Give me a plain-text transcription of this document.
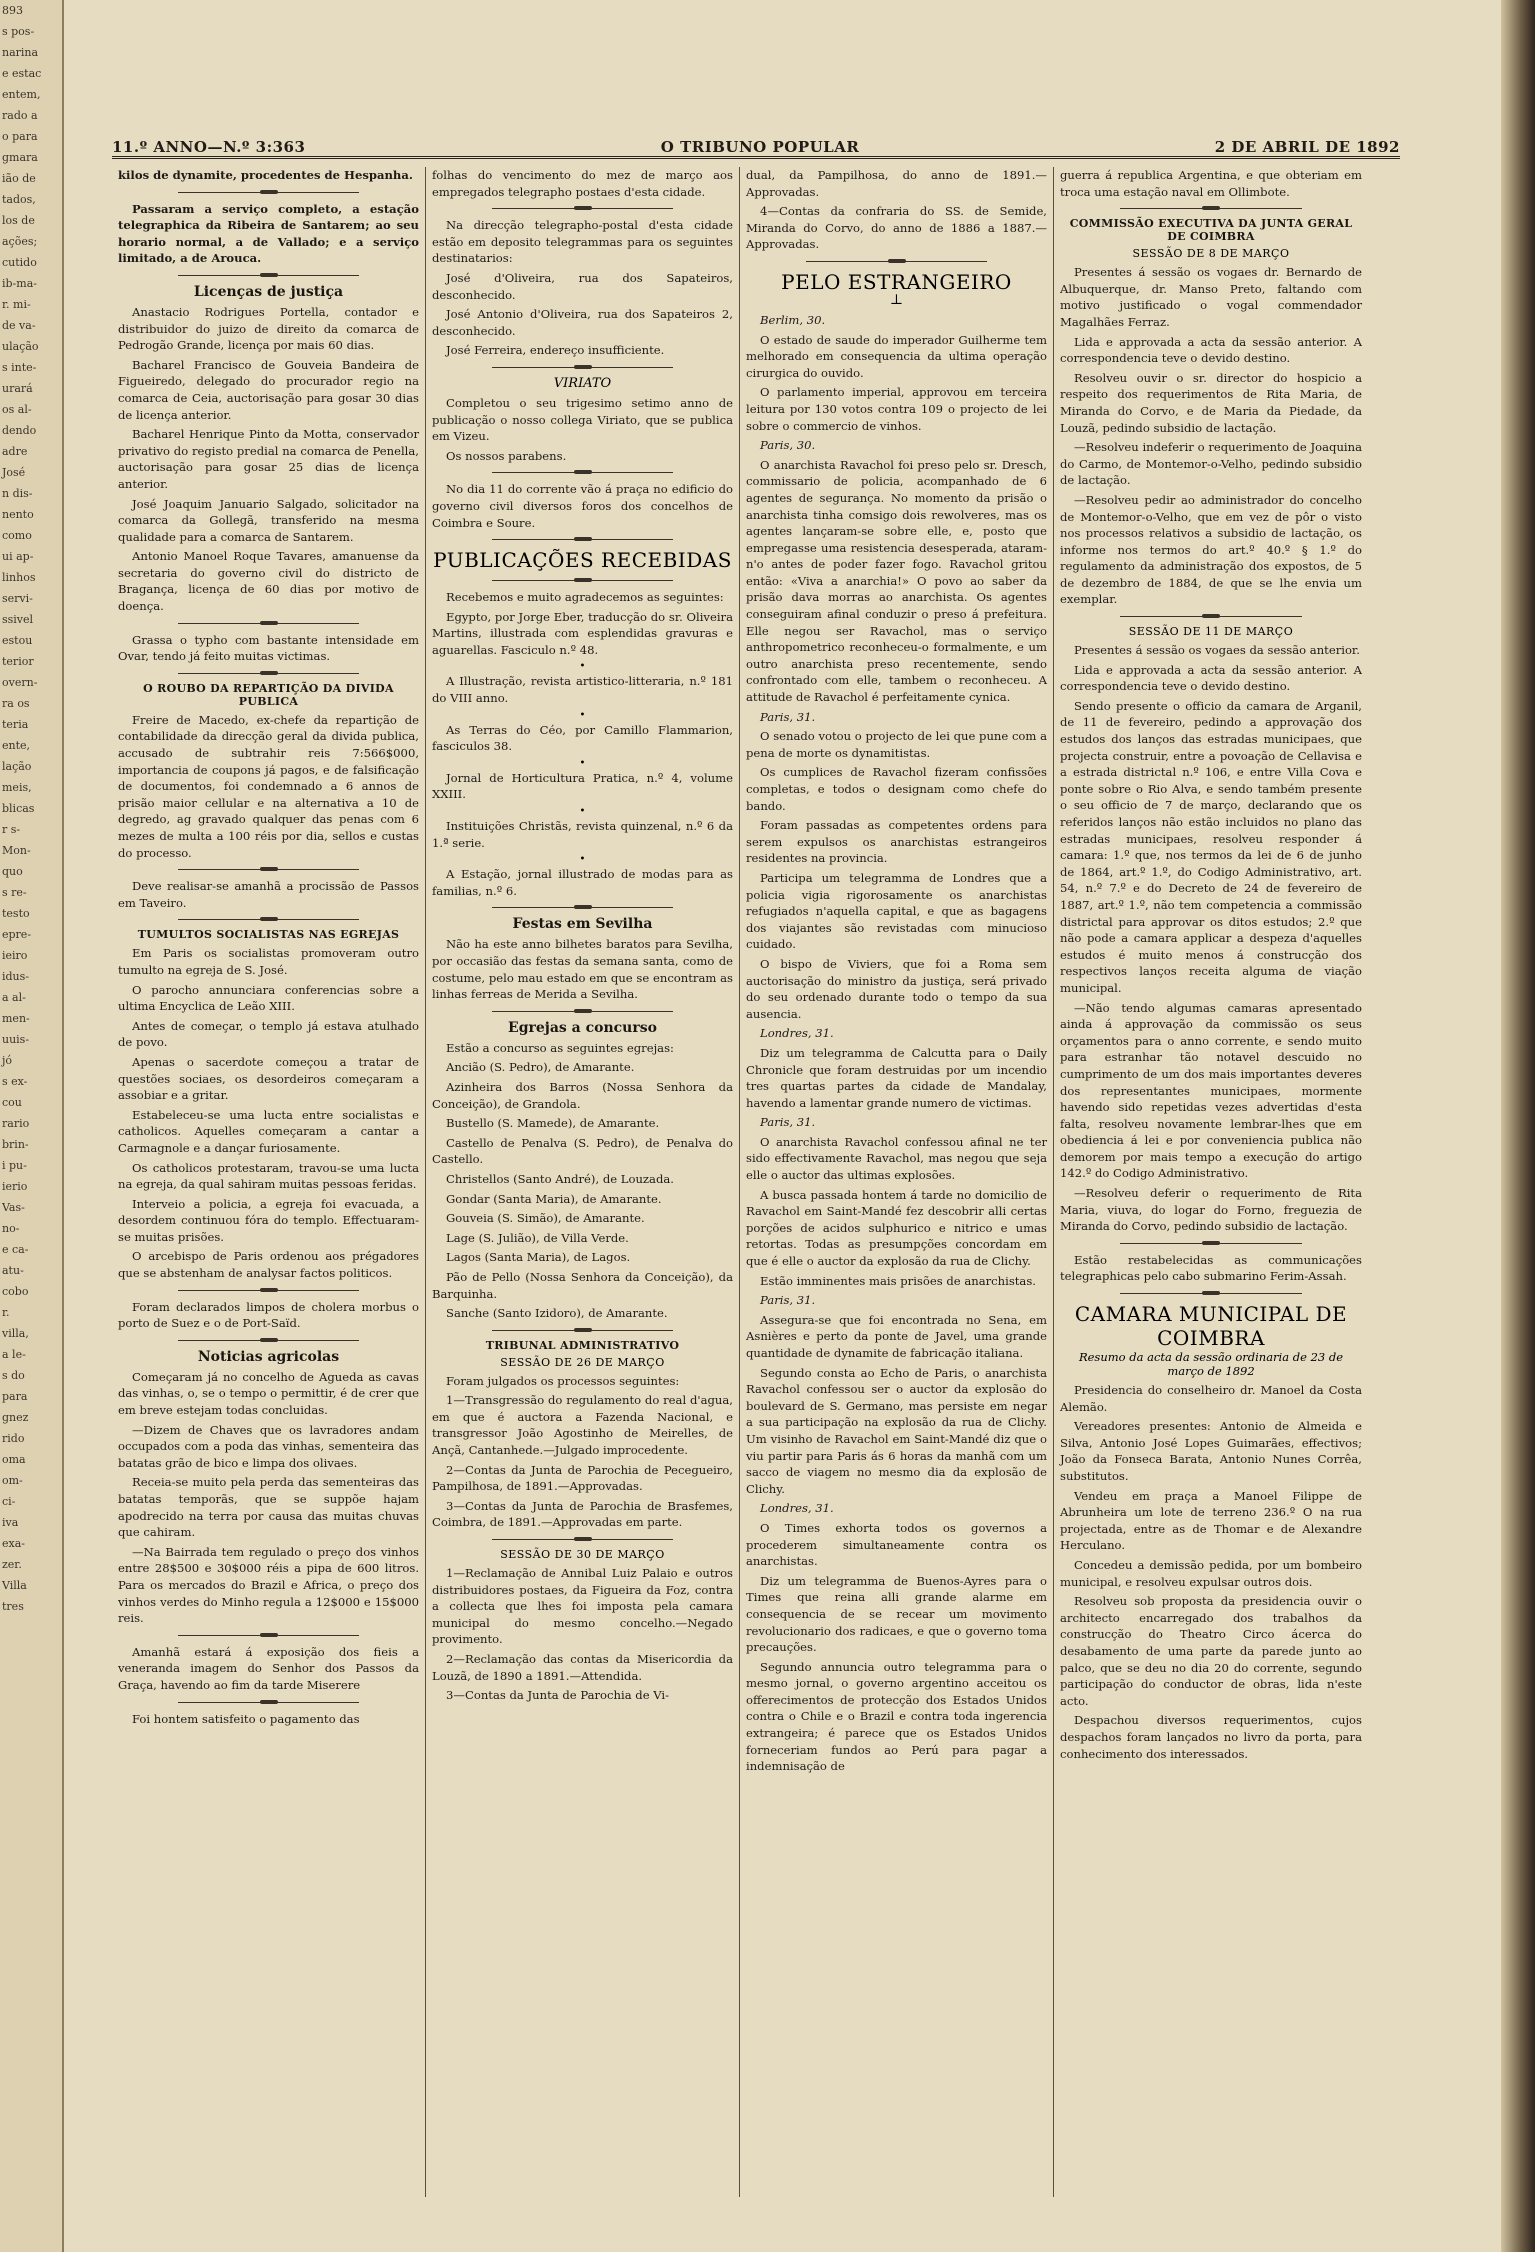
893
s pos-
narina
e estac
entem,
rado a
o para
gmara
ião de
tados,
los de
ações;
cutido
ib-ma-
r. mi-
de va-
ulação
s inte-
urará
os al-
dendo
adre
José
n dis-
nento
como
ui ap-
linhos
servi-
ssivel
estou
terior
overn-
ra os
teria
ente,
lação
meis,
blicas
r s-
Mon-
quo
s re-
testo
epre-
ieiro
idus-
a al-
men-
uuis-
jó
s ex-
cou
rario
brin-
i pu-
ierio
Vas-
no-
e ca-
atu-
cobo
r.
villa,
a le-
s do
para
gnez
rido
oma
om-
ci-
iva
exa-
zer.
Villa
tres
11.º ANNO—N.º 3:363	O TRIBUNO POPULAR	2 DE ABRIL DE 1892

kilos de dynamite, procedentes de Hespanha.

Passaram a serviço completo, a estação telegraphica da Ribeira de Santarem; ao seu horario normal, a de Vallado; e a serviço limitado, a de Arouca.

Licenças de justiça

Anastacio Rodrigues Portella, contador e distribuidor do juizo de direito da comarca de Pedrogão Grande, licença por mais 60 dias.

Bacharel Francisco de Gouveia Bandeira de Figueiredo, delegado do procurador regio na comarca de Ceia, auctorisação para gosar 30 dias de licença anterior.

Bacharel Henrique Pinto da Motta, conservador privativo do registo predial na comarca de Penella, auctorisação para gosar 25 dias de licença anterior.

José Joaquim Januario Salgado, solicitador na comarca da Gollegã, transferido na mesma qualidade para a comarca de Santarem.

Antonio Manoel Roque Tavares, amanuense da secretaria do governo civil do districto de Bragança, licença de 60 dias por motivo de doença.

Grassa o typho com bastante intensidade em Ovar, tendo já feito muitas victimas.

O ROUBO DA REPARTIÇÃO DA DIVIDA PUBLICA

Freire de Macedo, ex-chefe da repartição de contabilidade da direcção geral da divida publica, accusado de subtrahir reis 7:566$000, importancia de coupons já pagos, e de falsificação de documentos, foi condemnado a 6 annos de prisão maior cellular e na alternativa a 10 de degredo, ag gravado qualquer das penas com 6 mezes de multa a 100 réis por dia, sellos e custas do processo.

Deve realisar-se amanhã a procissão de Passos em Taveiro.

TUMULTOS SOCIALISTAS NAS EGREJAS

Em Paris os socialistas promoveram outro tumulto na egreja de S. José.

O parocho annunciara conferencias sobre a ultima Encyclica de Leão XIII.

Antes de começar, o templo já estava atulhado de povo.

Apenas o sacerdote começou a tratar de questões sociaes, os desordeiros começaram a assobiar e a gritar.

Estabeleceu-se uma lucta entre socialistas e catholicos. Aquelles começaram a cantar a Carmagnole e a dançar furiosamente.

Os catholicos protestaram, travou-se uma lucta na egreja, da qual sahiram muitas pessoas feridas.

Interveio a policia, a egreja foi evacuada, a desordem continuou fóra do templo. Effectuaram-se muitas prisões.

O arcebispo de Paris ordenou aos prégadores que se abstenham de analysar factos politicos.

Foram declarados limpos de cholera morbus o porto de Suez e o de Port-Saïd.

Noticias agricolas

Começaram já no concelho de Agueda as cavas das vinhas, o, se o tempo o permittir, é de crer que em breve estejam todas concluidas.

—Dizem de Chaves que os lavradores andam occupados com a poda das vinhas, sementeira das batatas grão de bico e limpa dos olivaes.

Receia-se muito pela perda das sementeiras das batatas temporãs, que se suppõe hajam apodrecido na terra por causa das muitas chuvas que cahiram.

—Na Bairrada tem regulado o preço dos vinhos entre 28$500 e 30$000 réis a pipa de 600 litros. Para os mercados do Brazil e Africa, o preço dos vinhos verdes do Minho regula a 12$000 e 15$000 reis.

Amanhã estará á exposição dos fieis a veneranda imagem do Senhor dos Passos da Graça, havendo ao fim da tarde Miserere

Foi hontem satisfeito o pagamento das

folhas do vencimento do mez de março aos empregados telegrapho postaes d'esta cidade.

Na direcção telegrapho-postal d'esta cidade estão em deposito telegrammas para os seguintes destinatarios:

José d'Oliveira, rua dos Sapateiros, desconhecido.

José Antonio d'Oliveira, rua dos Sapateiros 2, desconhecido.

José Ferreira, endereço insufficiente.

VIRIATO

Completou o seu trigesimo setimo anno de publicação o nosso collega Viriato, que se publica em Vizeu.

Os nossos parabens.

No dia 11 do corrente vão á praça no edificio do governo civil diversos foros dos concelhos de Coimbra e Soure.

PUBLICAÇÕES RECEBIDAS

Recebemos e muito agradecemos as seguintes:

Egypto, por Jorge Eber, traducção do sr. Oliveira Martins, illustrada com esplendidas gravuras e aguarellas. Fasciculo n.º 48.

•

A Illustração, revista artistico-litteraria, n.º 181 do VIII anno.

•

As Terras do Céo, por Camillo Flammarion, fasciculos 38.

•

Jornal de Horticultura Pratica, n.º 4, volume XXIII.

•

Instituições Christãs, revista quinzenal, n.º 6 da 1.ª serie.

•

A Estação, jornal illustrado de modas para as familias, n.º 6.

Festas em Sevilha

Não ha este anno bilhetes baratos para Sevilha, por occasião das festas da semana santa, como de costume, pelo mau estado em que se encontram as linhas ferreas de Merida a Sevilha.

Egrejas a concurso

Estão a concurso as seguintes egrejas:

Ancião (S. Pedro), de Amarante.

Azinheira dos Barros (Nossa Senhora da Conceição), de Grandola.

Bustello (S. Mamede), de Amarante.

Castello de Penalva (S. Pedro), de Penalva do Castello.

Christellos (Santo André), de Louzada.

Gondar (Santa Maria), de Amarante.

Gouveia (S. Simão), de Amarante.

Lage (S. Julião), de Villa Verde.

Lagos (Santa Maria), de Lagos.

Pão de Pello (Nossa Senhora da Conceição), da Barquinha.

Sanche (Santo Izidoro), de Amarante.

TRIBUNAL ADMINISTRATIVO
SESSÃO DE 26 DE MARÇO

Foram julgados os processos seguintes:

1—Transgressão do regulamento do real d'agua, em que é auctora a Fazenda Nacional, e transgressor João Agostinho de Meirelles, de Ançã, Cantanhede.—Julgado improcedente.

2—Contas da Junta de Parochia de Pecegueiro, Pampilhosa, de 1891.—Approvadas.

3—Contas da Junta de Parochia de Brasfemes, Coimbra, de 1891.—Approvadas em parte.

SESSÃO DE 30 DE MARÇO

1—Reclamação de Annibal Luiz Palaio e outros distribuidores postaes, da Figueira da Foz, contra a collecta que lhes foi imposta pela camara municipal do mesmo concelho.—Negado provimento.

2—Reclamação das contas da Misericordia da Louzã, de 1890 a 1891.—Attendida.

3—Contas da Junta de Parochia de Vi-

dual, da Pampilhosa, do anno de 1891.—Approvadas.

4—Contas da confraria do SS. de Semide, Miranda do Corvo, do anno de 1886 a 1887.—Approvadas.

PELO ESTRANGEIRO
⊥

Berlim, 30.

O estado de saude do imperador Guilherme tem melhorado em consequencia da ultima operação cirurgica do ouvido.

O parlamento imperial, approvou em terceira leitura por 130 votos contra 109 o projecto de lei sobre o commercio de vinhos.

Paris, 30.

O anarchista Ravachol foi preso pelo sr. Dresch, commissario de policia, acompanhado de 6 agentes de segurança. No momento da prisão o anarchista tinha comsigo dois rewolveres, mas os agentes lançaram-se sobre elle, e, posto que empregasse uma resistencia desesperada, ataram-n'o antes de poder fazer fogo. Ravachol gritou então: «Viva a anarchia!» O povo ao saber da prisão dava morras ao anarchista. Os agentes conseguiram afinal conduzir o preso á prefeitura. Elle negou ser Ravachol, mas o serviço anthropometrico reconheceu-o formalmente, e um outro anarchista preso recentemente, sendo confrontado com elle, tambem o reconheceu. A attitude de Ravachol é perfeitamente cynica.

Paris, 31.

O senado votou o projecto de lei que pune com a pena de morte os dynamitistas.

Os cumplices de Ravachol fizeram confissões completas, e todos o designam como chefe do bando.

Foram passadas as competentes ordens para serem expulsos os anarchistas estrangeiros residentes na provincia.

Participa um telegramma de Londres que a policia vigia rigorosamente os anarchistas refugiados n'aquella capital, e que as bagagens dos viajantes são revistadas com minucioso cuidado.

O bispo de Viviers, que foi a Roma sem auctorisação do ministro da justiça, será privado do seu ordenado durante todo o tempo da sua ausencia.

Londres, 31.

Diz um telegramma de Calcutta para o Daily Chronicle que foram destruidas por um incendio tres quartas partes da cidade de Mandalay, havendo a lamentar grande numero de victimas.

Paris, 31.

O anarchista Ravachol confessou afinal ne ter sido effectivamente Ravachol, mas negou que seja elle o auctor das ultimas explosões.

A busca passada hontem á tarde no domicilio de Ravachol em Saint-Mandé fez descobrir alli certas porções de acidos sulphurico e nitrico e umas retortas. Todas as presumpções concordam em que é elle o auctor da explosão da rua de Clichy.

Estão imminentes mais prisões de anarchistas.

Paris, 31.

Assegura-se que foi encontrada no Sena, em Asnières e perto da ponte de Javel, uma grande quantidade de dynamite de fabricação italiana.

Segundo consta ao Echo de Paris, o anarchista Ravachol confessou ser o auctor da explosão do boulevard de S. Germano, mas persiste em negar a sua participação na explosão da rua de Clichy. Um visinho de Ravachol em Saint-Mandé diz que o viu partir para Paris ás 6 horas da manhã com um sacco de viagem no mesmo dia da explosão de Clichy.

Londres, 31.

O Times exhorta todos os governos a procederem simultaneamente contra os anarchistas.

Diz um telegramma de Buenos-Ayres para o Times que reina alli grande alarme em consequencia de se recear um movimento revolucionario dos radicaes, e que o governo toma precauções.

Segundo annuncia outro telegramma para o mesmo jornal, o governo argentino acceitou os offerecimentos de protecção dos Estados Unidos contra o Chile e o Brazil e contra toda ingerencia extrangeira; é parece que os Estados Unidos forneceriam fundos ao Perú para pagar a indemnisação de

guerra á republica Argentina, e que obteriam em troca uma estação naval em Ollimbote.

COMMISSÃO EXECUTIVA DA JUNTA GERAL DE COIMBRA
SESSÃO DE 8 DE MARÇO

Presentes á sessão os vogaes dr. Bernardo de Albuquerque, dr. Manso Preto, faltando com motivo justificado o vogal commendador Magalhães Ferraz.

Lida e approvada a acta da sessão anterior. A correspondencia teve o devido destino.

Resolveu ouvir o sr. director do hospicio a respeito dos requerimentos de Rita Maria, de Miranda do Corvo, e de Maria da Piedade, da Louzã, pedindo subsidio de lactação.

—Resolveu indeferir o requerimento de Joaquina do Carmo, de Montemor-o-Velho, pedindo subsidio de lactação.

—Resolveu pedir ao administrador do concelho de Montemor-o-Velho, que em vez de pôr o visto nos processos relativos a subsidio de lactação, os informe nos termos do art.º 40.º § 1.º do regulamento da administração dos expostos, de 5 de dezembro de 1884, de que se lhe envia um exemplar.

SESSÃO DE 11 DE MARÇO

Presentes á sessão os vogaes da sessão anterior.

Lida e approvada a acta da sessão anterior. A correspondencia teve o devido destino.

Sendo presente o officio da camara de Arganil, de 11 de fevereiro, pedindo a approvação dos estudos dos lanços das estradas municipaes, que projecta construir, entre a povoação de Cellavisa e a estrada districtal n.º 106, e entre Villa Cova e ponte sobre o Rio Alva, e sendo também presente o seu officio de 7 de março, declarando que os referidos lanços não estão incluidos no plano das estradas municipaes, resolveu responder á camara: 1.º que, nos termos da lei de 6 de junho de 1864, art.º 1.º, do Codigo Administrativo, art. 54, n.º 7.º e do Decreto de 24 de fevereiro de 1887, art.º 1.º, não tem competencia a commissão districtal para approvar os ditos estudos; 2.º que não pode a camara applicar a despeza d'aquelles estudos é muito menos á construcção dos respectivos lanços receita alguma de viação municipal.

—Não tendo algumas camaras apresentado ainda á approvação da commissão os seus orçamentos para o anno corrente, e sendo muito para estranhar tão notavel descuido no cumprimento de um dos mais importantes deveres dos representantes municipaes, mormente havendo sido repetidas vezes advertidas d'esta falta, resolveu novamente lembrar-lhes que em obediencia á lei e por conveniencia publica não demorem por mais tempo a execução do artigo 142.º do Codigo Administrativo.

—Resolveu deferir o requerimento de Rita Maria, viuva, do logar do Forno, freguezia de Miranda do Corvo, pedindo subsidio de lactação.

Estão restabelecidas as communicações telegraphicas pelo cabo submarino Ferim-Assah.

CAMARA MUNICIPAL DE COIMBRA
Resumo da acta da sessão ordinaria de 23 de março de 1892

Presidencia do conselheiro dr. Manoel da Costa Alemão.

Vereadores presentes: Antonio de Almeida e Silva, Antonio José Lopes Guimarães, effectivos; João da Fonseca Barata, Antonio Nunes Corrêa, substitutos.

Vendeu em praça a Manoel Filippe de Abrunheira um lote de terreno 236.º O na rua projectada, entre as de Thomar e de Alexandre Herculano.

Concedeu a demissão pedida, por um bombeiro municipal, e resolveu expulsar outros dois.

Resolveu sob proposta da presidencia ouvir o architecto encarregado dos trabalhos da construcção do Theatro Circo ácerca do desabamento de uma parte da parede junto ao palco, que se deu no dia 20 do corrente, segundo participação do conductor de obras, lida n'este acto.

Despachou diversos requerimentos, cujos despachos foram lançados no livro da porta, para conhecimento dos interessados.
